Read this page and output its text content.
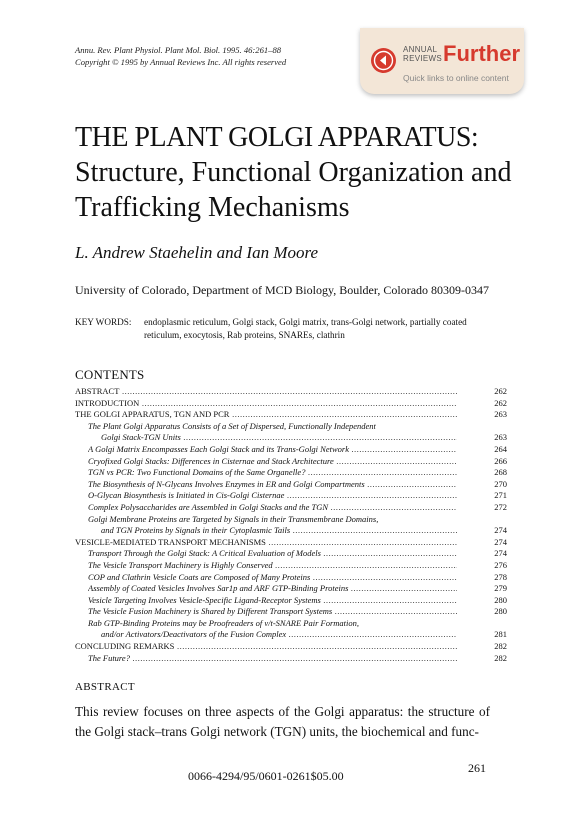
Annu. Rev. Plant Physiol. Plant Mol. Biol. 1995. 46:261–88
Copyright © 1995 by Annual Reviews Inc. All rights reserved
ANNUAL
REVIEWS Further
Quick links to online content
THE PLANT GOLGI APPARATUS:
Structure, Functional Organization and
Trafficking Mechanisms
L. Andrew Staehelin and Ian Moore
University of Colorado, Department of MCD Biology, Boulder, Colorado 80309-0347
KEY WORDS: endoplasmic reticulum, Golgi stack, Golgi matrix, trans-Golgi network, partially coated reticulum, exocytosis, Rab proteins, SNAREs, clathrin
CONTENTS
ABSTRACT .....	262
INTRODUCTION .....	262
THE GOLGI APPARATUS, TGN AND PCR .....	263
The Plant Golgi Apparatus Consists of a Set of Dispersed, Functionally Independent
Golgi Stack-TGN Units .....	263
A Golgi Matrix Encompasses Each Golgi Stack and its Trans-Golgi Network .....	264
Cryofixed Golgi Stacks: Differences in Cisternae and Stack Architecture .....	266
TGN vs PCR: Two Functional Domains of the Same Organelle? .....	268
The Biosynthesis of N-Glycans Involves Enzymes in ER and Golgi Compartments .....	270
O-Glycan Biosynthesis is Initiated in Cis-Golgi Cisternae .....	271
Complex Polysaccharides are Assembled in Golgi Stacks and the TGN .....	272
Golgi Membrane Proteins are Targeted by Signals in their Transmembrane Domains,
and TGN Proteins by Signals in their Cytoplasmic Tails .....	274
VESICLE-MEDIATED TRANSPORT MECHANISMS .....	274
Transport Through the Golgi Stack: A Critical Evaluation of Models .....	274
The Vesicle Transport Machinery is Highly Conserved .....	276
COP and Clathrin Vesicle Coats are Composed of Many Proteins .....	278
Assembly of Coated Vesicles Involves Sar1p and ARF GTP-Binding Proteins .....	279
Vesicle Targeting Involves Vesicle-Specific Ligand-Receptor Systems .....	280
The Vesicle Fusion Machinery is Shared by Different Transport Systems .....	280
Rab GTP-Binding Proteins may be Proofreaders of v/t-SNARE Pair Formation,
and/or Activators/Deactivators of the Fusion Complex .....	281
CONCLUDING REMARKS .....	282
The Future? .....	282
ABSTRACT
This review focuses on three aspects of the Golgi apparatus: the structure of the Golgi stack–trans Golgi network (TGN) units, the biochemical and func-
0066-4294/95/0601-0261$05.00
261
